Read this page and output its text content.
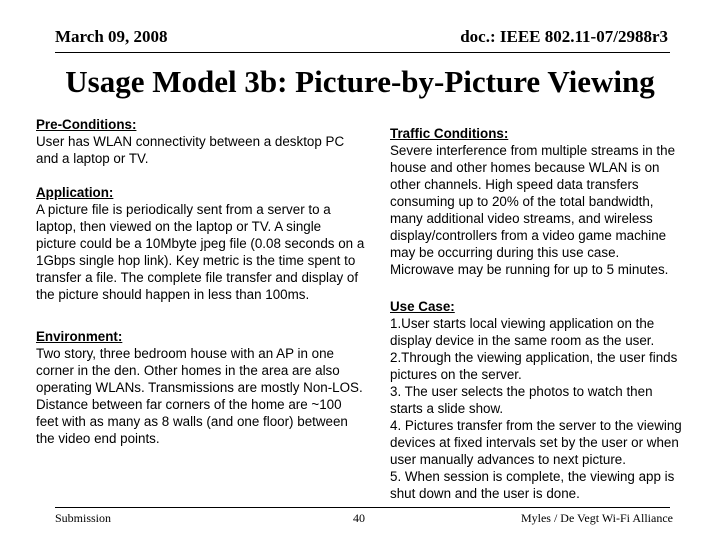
March 09, 2008	doc.: IEEE 802.11-07/2988r3
Usage Model 3b: Picture-by-Picture Viewing
Pre-Conditions:
User has WLAN connectivity between a desktop PC
and a laptop or TV.
Application:
A picture file is periodically sent from a server to a
laptop, then viewed on the laptop or TV. A single
picture could be a 10Mbyte jpeg file (0.08 seconds on a
1Gbps single hop link). Key metric is the time spent to
transfer a file. The complete file transfer and display of
the picture should happen in less than 100ms.
Environment:
Two story, three bedroom house with an AP in one
corner in the den. Other homes in the area are also
operating WLANs. Transmissions are mostly Non-LOS.
Distance between far corners of the home are ~100
feet with as many as 8 walls (and one floor) between
the video end points.
Traffic Conditions:
Severe interference from multiple streams in the
house and other homes because WLAN is on
other channels. High speed data transfers
consuming up to 20% of the total bandwidth,
many additional video streams, and wireless
display/controllers from a video game machine
may be occurring during this use case.
Microwave may be running for up to 5 minutes.
Use Case:
1.User starts local viewing application on the
display device in the same room as the user.
2.Through the viewing application, the user finds
pictures on the server.
3. The user selects the photos to watch then
starts a slide show.
4. Pictures transfer from the server to the viewing
devices at fixed intervals set by the user or when
user manually advances to next picture.
5. When session is complete, the viewing app is
shut down and the user is done.
Submission	40	Myles / De Vegt Wi-Fi Alliance
